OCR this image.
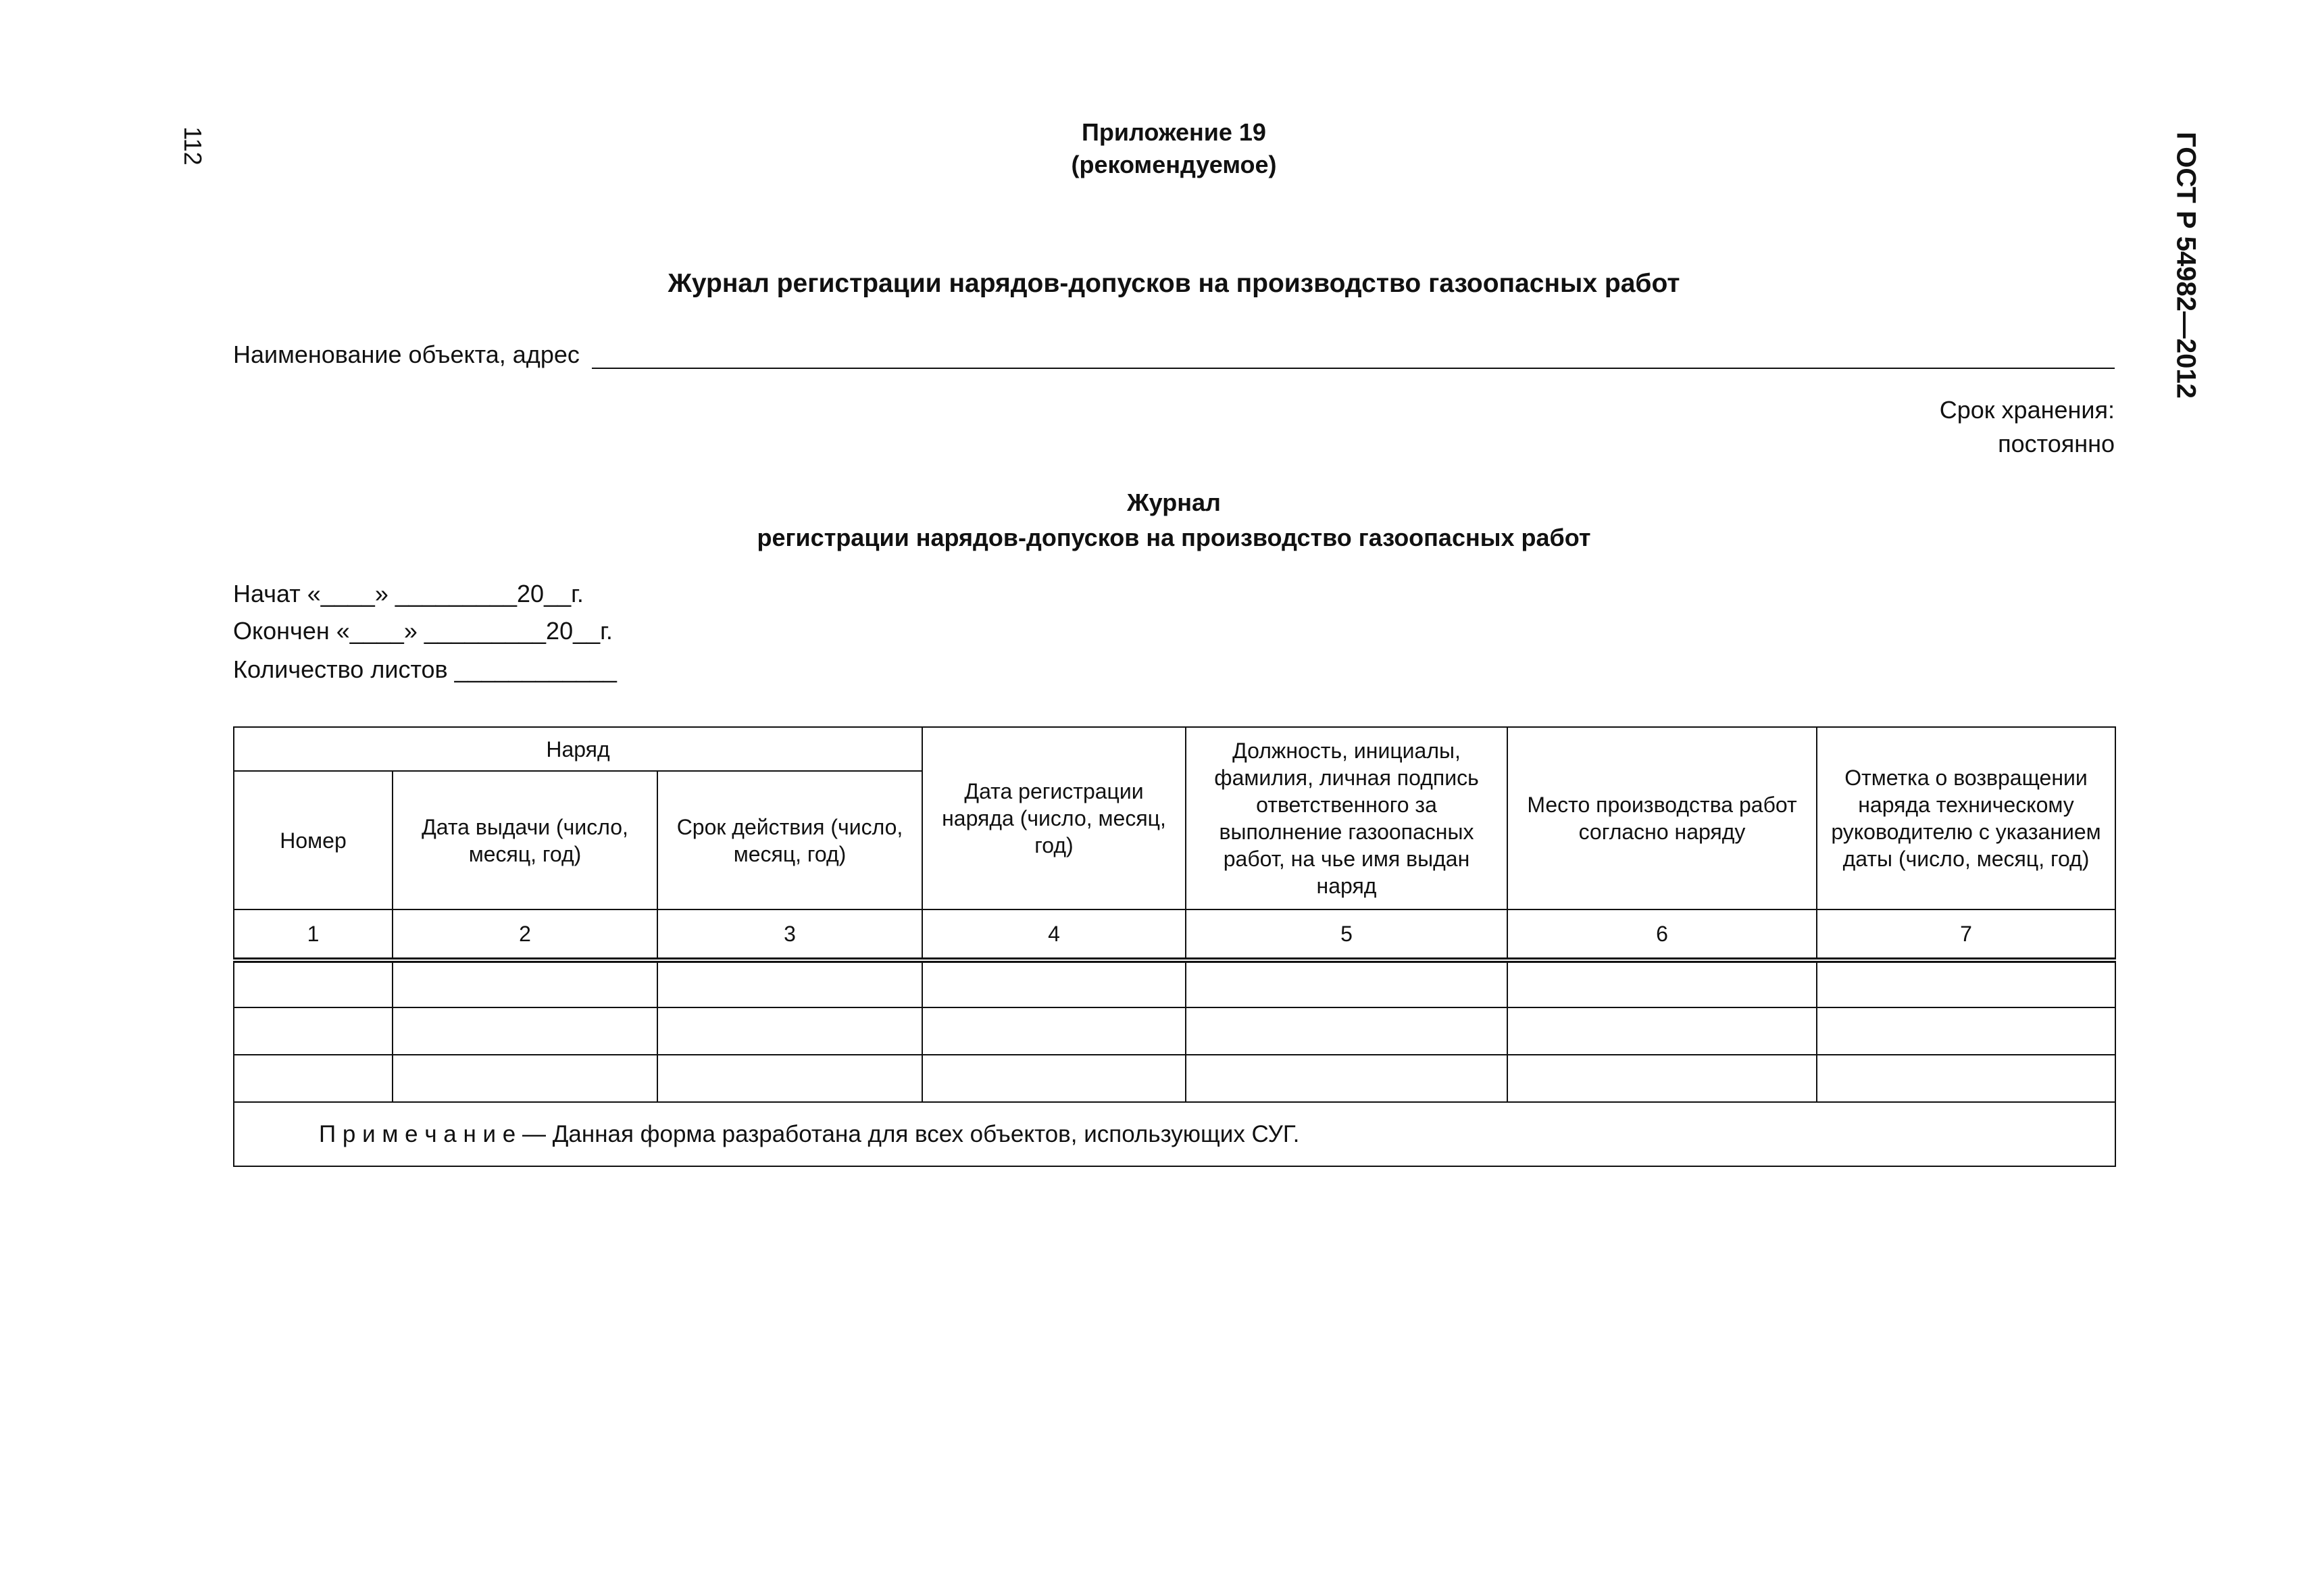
112	ГОСТ Р 54982—2012
Приложение 19
(рекомендуемое)
Журнал регистрации нарядов-допусков на производство газоопасных работ
Наименование объекта, адрес
Срок хранения:
постоянно
Журнал
регистрации нарядов-допусков на производство газоопасных работ
Начат «____» _________20__г.
Окончен «____» _________20__г.
Количество листов ____________
Наряд			Дата регистрации наряда (число, месяц, год)	Должность, инициалы, фамилия, личная подпись ответственного за выполнение газоопасных работ, на чье имя выдан наряд	Место производства работ согласно наряду	Отметка о возвращении наряда техническому руководителю с указанием даты (число, месяц, год)
Номер	Дата выдачи (число, месяц, год)	Срок действия (число, месяц, год)				
1	2	3	4	5	6	7

П р и м е ч а н и е — Данная форма разработана для всех объектов, использующих СУГ.						
